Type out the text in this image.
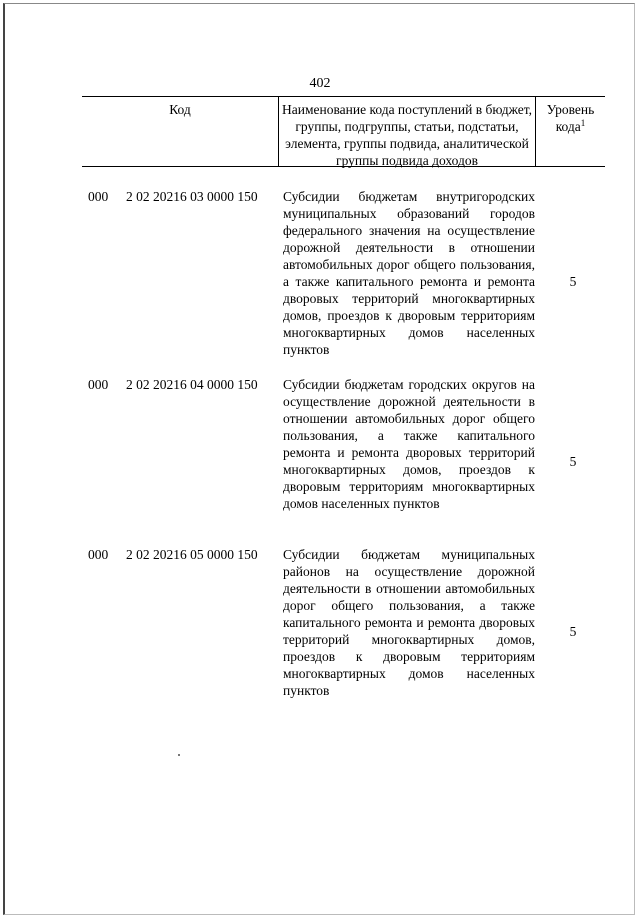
402
Код	Наименование кода поступлений в бюджет, группы, подгруппы, статьи, подстатьи, элемента, группы подвида, аналитической группы подвида доходов
Уровень кода$^1$
000 2 02 20216 03 0000 150 Субсидии бюджетам внутригородских муниципальных образований городов федерального значения на осуществление дорожной деятельности в отношении автомобильных дорог общего пользования, а также капитального ремонта и ремонта дворовых территорий многоквартирных домов, проездов к дворовым территориям многоквартирных домов населенных пунктов
5
000 2 02 20216 04 0000 150 Субсидии бюджетам городских округов на осуществление дорожной деятельности в отношении автомобильных дорог общего пользования, а также капитального ремонта и ремонта дворовых территорий многоквартирных домов, проездов к дворовым территориям многоквартирных домов населенных пунктов
5
000 2 02 20216 05 0000 150 Субсидии бюджетам муниципальных районов на осуществление дорожной деятельности в отношении автомобильных дорог общего пользования, а также капитального ремонта и ремонта дворовых территорий многоквартирных домов, проездов к дворовым территориям многоквартирных домов населенных пунктов
5
